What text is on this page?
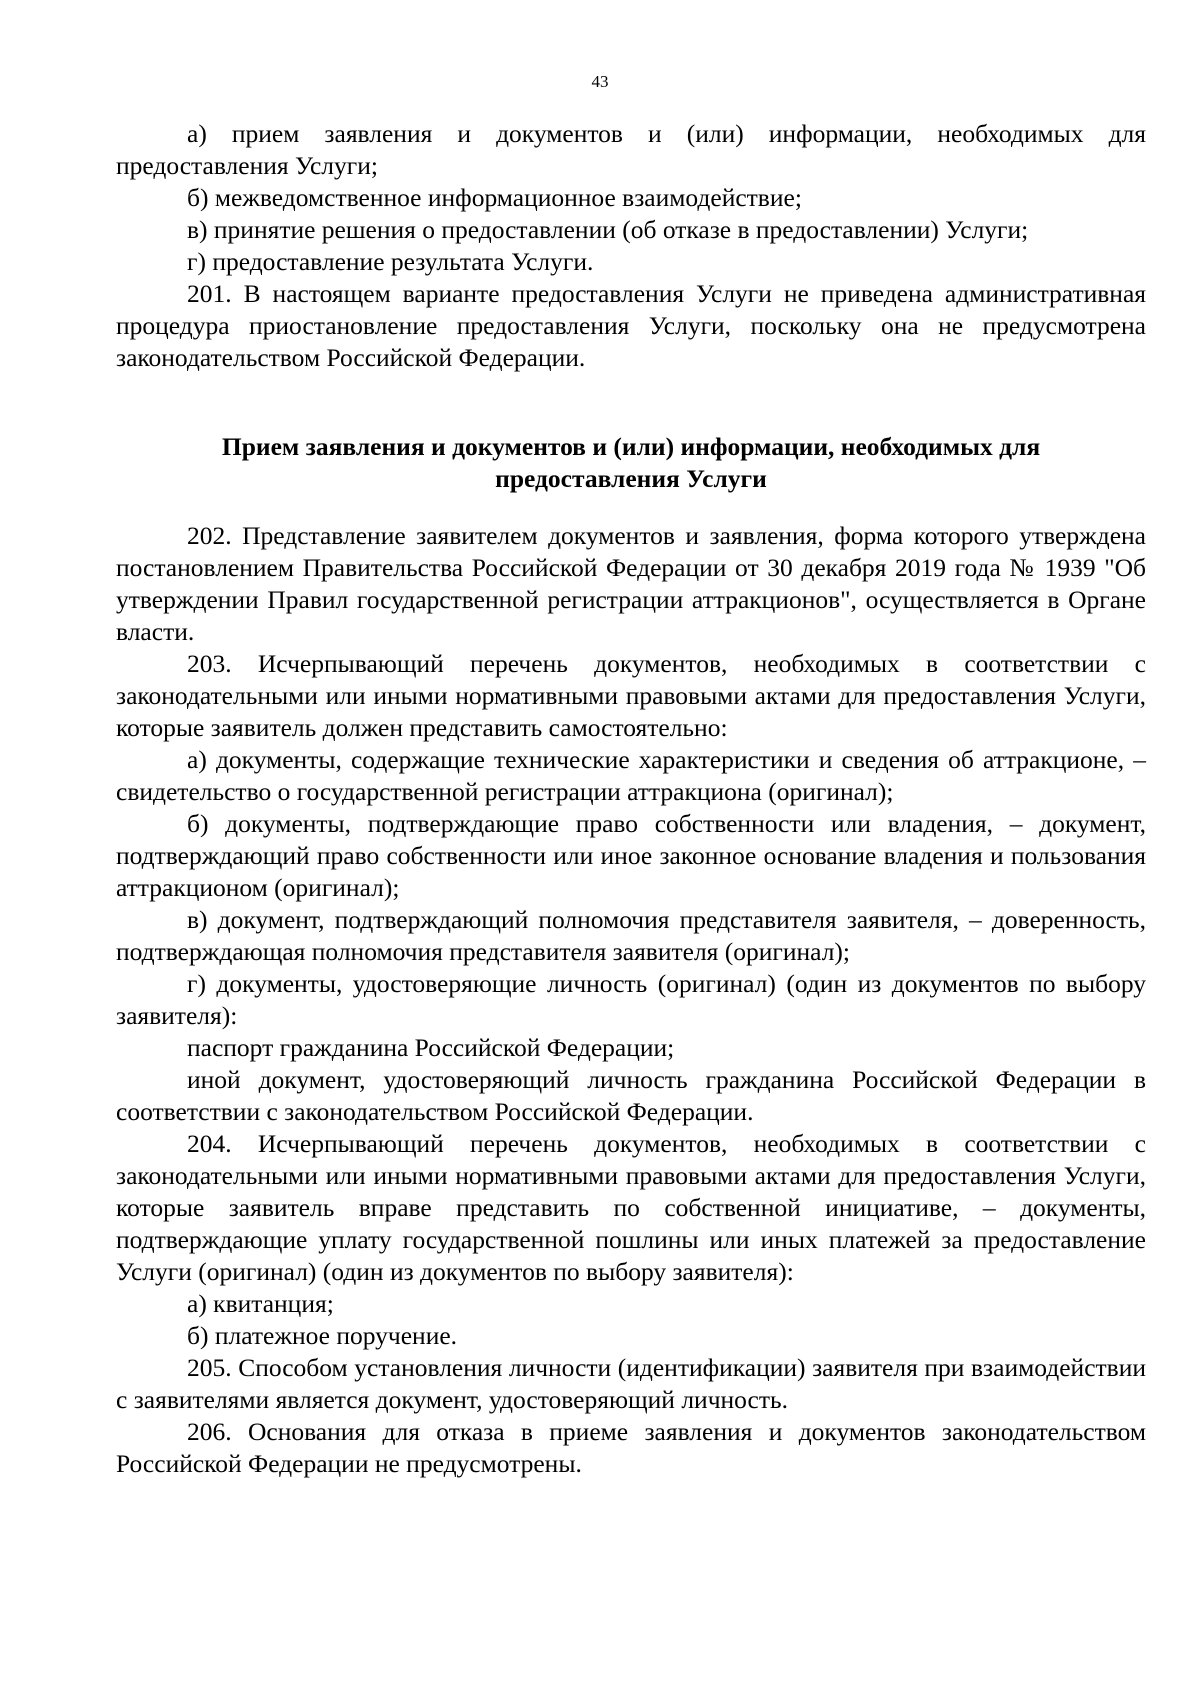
43

а) прием заявления и документов и (или) информации, необходимых для предоставления Услуги;

б) межведомственное информационное взаимодействие;

в) принятие решения о предоставлении (об отказе в предоставлении) Услуги;

г) предоставление результата Услуги.

201. В настоящем варианте предоставления Услуги не приведена административная процедура приостановление предоставления Услуги, поскольку она не предусмотрена законодательством Российской Федерации.

Прием заявления и документов и (или) информации, необходимых для
предоставления Услуги

202. Представление заявителем документов и заявления, форма которого утверждена постановлением Правительства Российской Федерации от 30 декабря 2019 года № 1939 "Об утверждении Правил государственной регистрации аттракционов", осуществляется в Органе власти.

203. Исчерпывающий перечень документов, необходимых в соответствии с законодательными или иными нормативными правовыми актами для предоставления Услуги, которые заявитель должен представить самостоятельно:

а) документы, содержащие технические характеристики и сведения об аттракционе, – свидетельство о государственной регистрации аттракциона (оригинал);

б) документы, подтверждающие право собственности или владения, – документ, подтверждающий право собственности или иное законное основание владения и пользования аттракционом (оригинал);

в) документ, подтверждающий полномочия представителя заявителя, – доверенность, подтверждающая полномочия представителя заявителя (оригинал);

г) документы, удостоверяющие личность (оригинал) (один из документов по выбору заявителя):

паспорт гражданина Российской Федерации;

иной документ, удостоверяющий личность гражданина Российской Федерации в соответствии с законодательством Российской Федерации.

204. Исчерпывающий перечень документов, необходимых в соответствии с законодательными или иными нормативными правовыми актами для предоставления Услуги, которые заявитель вправе представить по собственной инициативе, – документы, подтверждающие уплату государственной пошлины или иных платежей за предоставление Услуги (оригинал) (один из документов по выбору заявителя):

а) квитанция;

б) платежное поручение.

205. Способом установления личности (идентификации) заявителя при взаимодействии с заявителями является документ, удостоверяющий личность.

206. Основания для отказа в приеме заявления и документов законодательством Российской Федерации не предусмотрены.
